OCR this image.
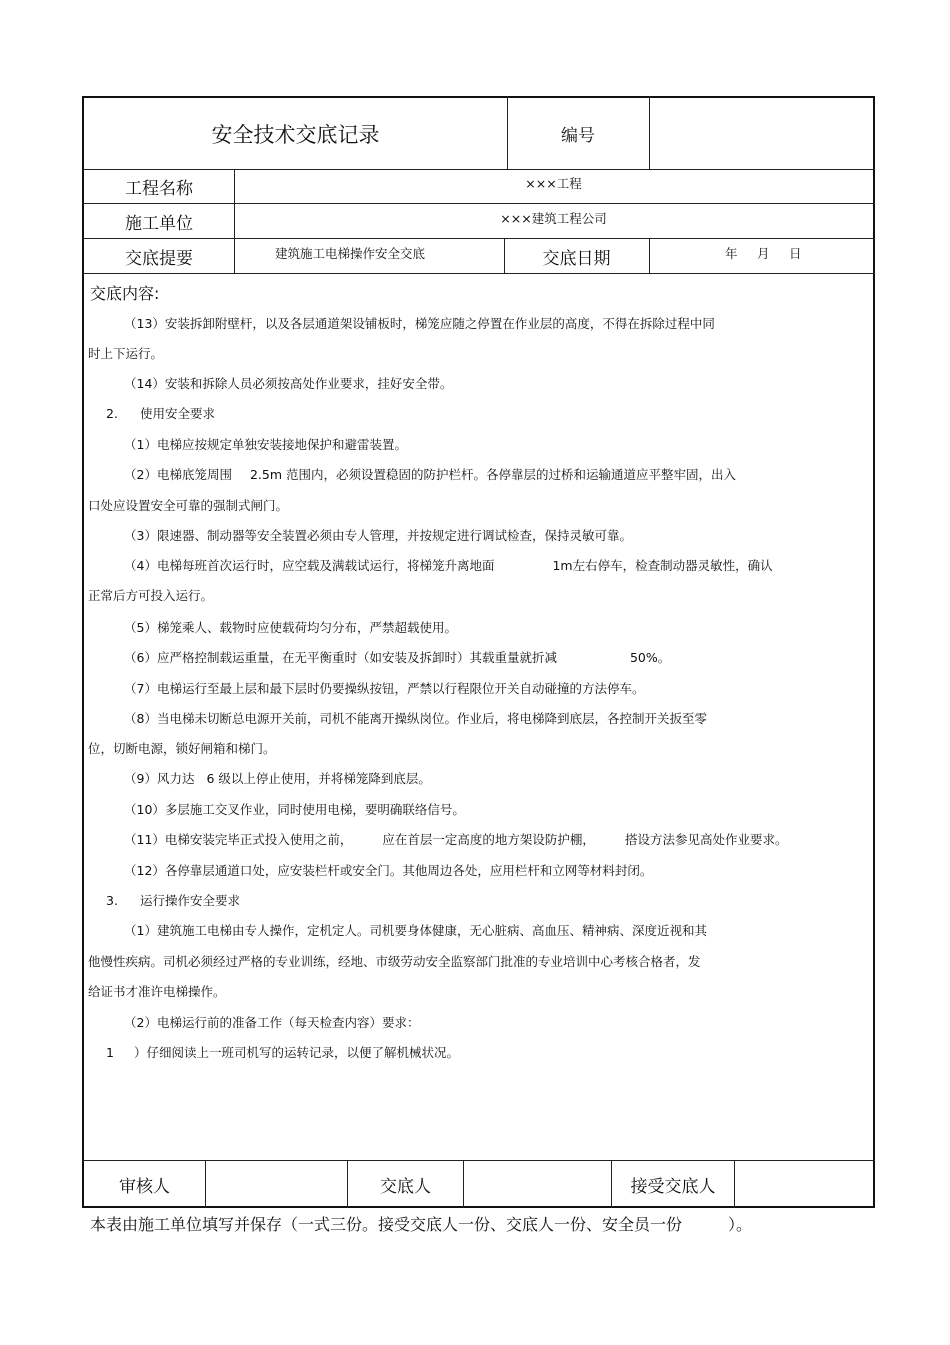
安全技术交底记录	编号
工程名称	×××工程
施工单位	×××建筑工程公司
交底提要	建筑施工电梯操作安全交底	交底日期	年 月 日
交底内容:
（13）安装拆卸附壁杆，以及各层通道架设铺板时，梯笼应随之停置在作业层的高度，不得在拆除过程中同
时上下运行。
（14）安装和拆除人员必须按高处作业要求，挂好安全带。
2. 使用安全要求
（1）电梯应按规定单独安装接地保护和避雷装置。
（2）电梯底笼周围 2.5m 范围内，必须设置稳固的防护栏杆。各停靠层的过桥和运输通道应平整牢固，出入
口处应设置安全可靠的强制式闸门。
（3）限速器、制动器等安全装置必须由专人管理，并按规定进行调试检查，保持灵敏可靠。
（4）电梯每班首次运行时，应空载及满载试运行，将梯笼升离地面	1m左右停车，检查制动器灵敏性，确认
正常后方可投入运行。
（5）梯笼乘人、载物时应使载荷均匀分布，严禁超载使用。
（6）应严格控制载运重量，在无平衡重时（如安装及拆卸时）其载重量就折减	50%。
（7）电梯运行至最上层和最下层时仍要操纵按钮，严禁以行程限位开关自动碰撞的方法停车。
（8）当电梯未切断总电源开关前，司机不能离开操纵岗位。作业后，将电梯降到底层，各控制开关扳至零
位，切断电源，锁好闸箱和梯门。
（9）风力达 6 级以上停止使用，并将梯笼降到底层。
（10）多层施工交叉作业，同时使用电梯，要明确联络信号。
（11）电梯安装完毕正式投入使用之前， 应在首层一定高度的地方架设防护棚， 搭设方法参见高处作业要求。
（12）各停靠层通道口处，应安装栏杆或安全门。其他周边各处，应用栏杆和立网等材料封闭。
3. 运行操作安全要求
（1）建筑施工电梯由专人操作，定机定人。司机要身体健康，无心脏病、高血压、精神病、深度近视和其
他慢性疾病。司机必须经过严格的专业训练，经地、市级劳动安全监察部门批准的专业培训中心考核合格者，发
给证书才准许电梯操作。
（2）电梯运行前的准备工作（每天检查内容）要求：
1 ）仔细阅读上一班司机写的运转记录，以便了解机械状况。
审核人	交底人	接受交底人
本表由施工单位填写并保存（一式三份。接受交底人一份、交底人一份、安全员一份	）。
